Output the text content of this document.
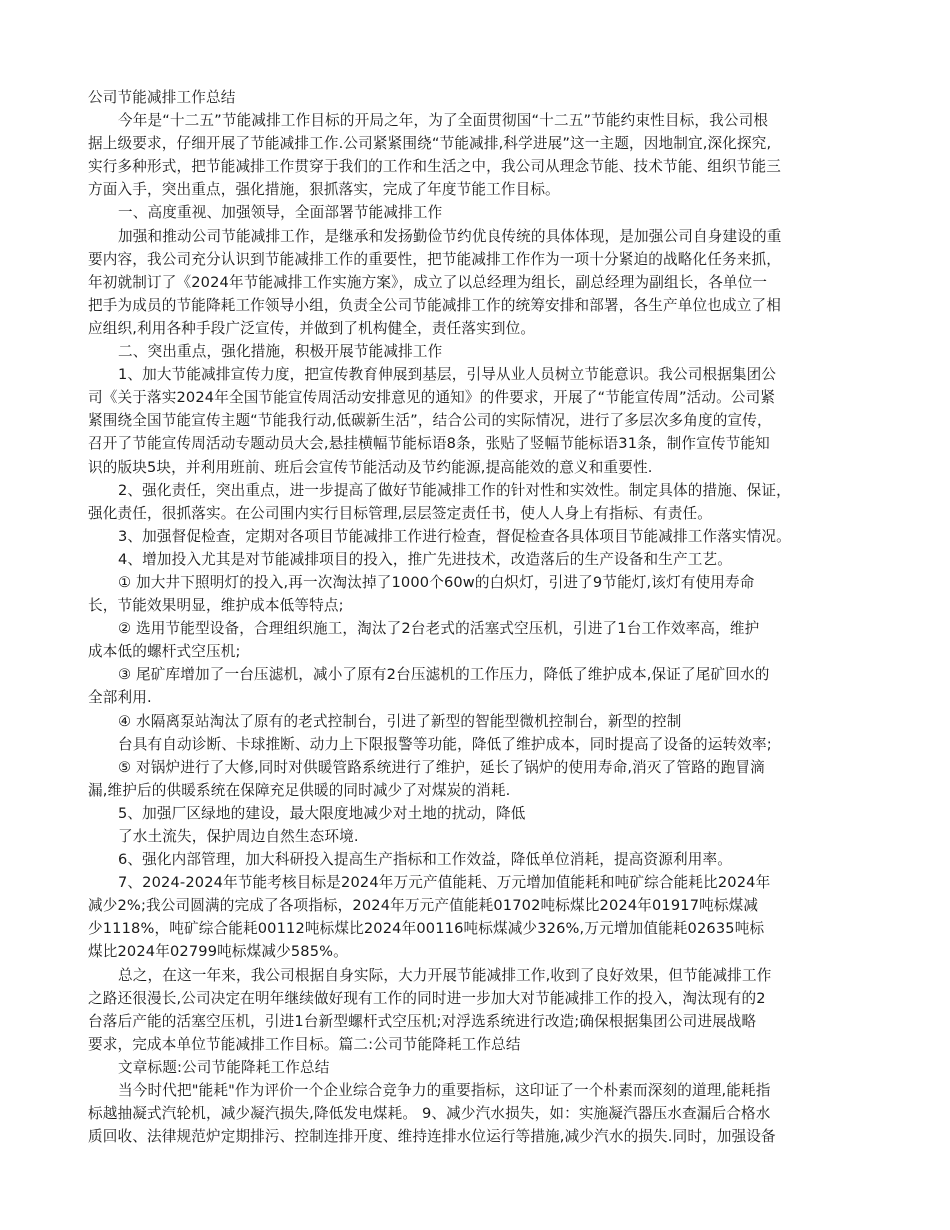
公司节能减排工作总结
今年是“十二五”节能减排工作目标的开局之年，为了全面贯彻国“十二五”节能约束性目标，我公司根
据上级要求，仔细开展了节能减排工作.公司紧紧围绕“节能减排,科学进展”这一主题，因地制宜,深化探究,
实行多种形式，把节能减排工作贯穿于我们的工作和生活之中，我公司从理念节能、技术节能、组织节能三
方面入手，突出重点，强化措施，狠抓落实，完成了年度节能工作目标。
一、高度重视、加强领导，全面部署节能减排工作
加强和推动公司节能减排工作，是继承和发扬勤俭节约优良传统的具体体现，是加强公司自身建设的重
要内容，我公司充分认识到节能减排工作的重要性，把节能减排工作作为一项十分紧迫的战略化任务来抓，
年初就制订了《2024年节能减排工作实施方案》，成立了以总经理为组长，副总经理为副组长，各单位一
把手为成员的节能降耗工作领导小组，负责全公司节能减排工作的统筹安排和部署，各生产单位也成立了相
应组织,利用各种手段广泛宣传，并做到了机构健全，责任落实到位。
二、突出重点，强化措施，积极开展节能减排工作
1、加大节能减排宣传力度，把宣传教育伸展到基层，引导从业人员树立节能意识。我公司根据集团公
司《关于落实2024年全国节能宣传周活动安排意见的通知》的件要求，开展了“节能宣传周”活动。公司紧
紧围绕全国节能宣传主题“节能我行动,低碳新生活”，结合公司的实际情况，进行了多层次多角度的宣传，
召开了节能宣传周活动专题动员大会,悬挂横幅节能标语8条，张贴了竖幅节能标语31条，制作宣传节能知
识的版块5块，并利用班前、班后会宣传节能活动及节约能源,提高能效的意义和重要性.
2、强化责任，突出重点，进一步提高了做好节能减排工作的针对性和实效性。制定具体的措施、保证，
强化责任，很抓落实。在公司围内实行目标管理,层层签定责任书，使人人身上有指标、有责任。
3、加强督促检查，定期对各项目节能减排工作进行检查，督促检查各具体项目节能减排工作落实情况。
4、增加投入尤其是对节能减排项目的投入，推广先进技术，改造落后的生产设备和生产工艺。
① 加大井下照明灯的投入,再一次淘汰掉了1000个60w的白炽灯，引进了9节能灯,该灯有使用寿命
长，节能效果明显，维护成本低等特点;
② 选用节能型设备，合理组织施工，淘汰了2台老式的活塞式空压机，引进了1台工作效率高，维护
成本低的螺杆式空压机;
③ 尾矿库增加了一台压滤机，减小了原有2台压滤机的工作压力，降低了维护成本,保证了尾矿回水的
全部利用.
④ 水隔离泵站淘汰了原有的老式控制台，引进了新型的智能型微机控制台，新型的控制
台具有自动诊断、卡球推断、动力上下限报警等功能，降低了维护成本，同时提高了设备的运转效率;
⑤ 对锅炉进行了大修,同时对供暖管路系统进行了维护，延长了锅炉的使用寿命,消灭了管路的跑冒滴
漏,维护后的供暖系统在保障充足供暖的同时减少了对煤炭的消耗.
5、加强厂区绿地的建设，最大限度地减少对土地的扰动，降低
了水土流失，保护周边自然生态环境.
6、强化内部管理，加大科研投入提高生产指标和工作效益，降低单位消耗，提高资源利用率。
7、2024-2024年节能考核目标是2024年万元产值能耗、万元增加值能耗和吨矿综合能耗比2024年
减少2%;我公司圆满的完成了各项指标，2024年万元产值能耗01702吨标煤比2024年01917吨标煤减
少1118%，吨矿综合能耗00112吨标煤比2024年00116吨标煤减少326%,万元增加值能耗02635吨标
煤比2024年02799吨标煤减少585%。
总之，在这一年来，我公司根据自身实际，大力开展节能减排工作,收到了良好效果，但节能减排工作
之路还很漫长,公司决定在明年继续做好现有工作的同时进一步加大对节能减排工作的投入，淘汰现有的2
台落后产能的活塞空压机，引进1台新型螺杆式空压机;对浮选系统进行改造;确保根据集团公司进展战略
要求，完成本单位节能减排工作目标。篇二:公司节能降耗工作总结
文章标题:公司节能降耗工作总结
当今时代把"能耗"作为评价一个企业综合竞争力的重要指标，这印证了一个朴素而深刻的道理,能耗指
标越抽凝式汽轮机，减少凝汽损失,降低发电煤耗。 9、减少汽水损失，如：实施凝汽器压水查漏后合格水
质回收、法律规范炉定期排污、控制连排开度、维持连排水位运行等措施,减少汽水的损失.同时，加强设备
